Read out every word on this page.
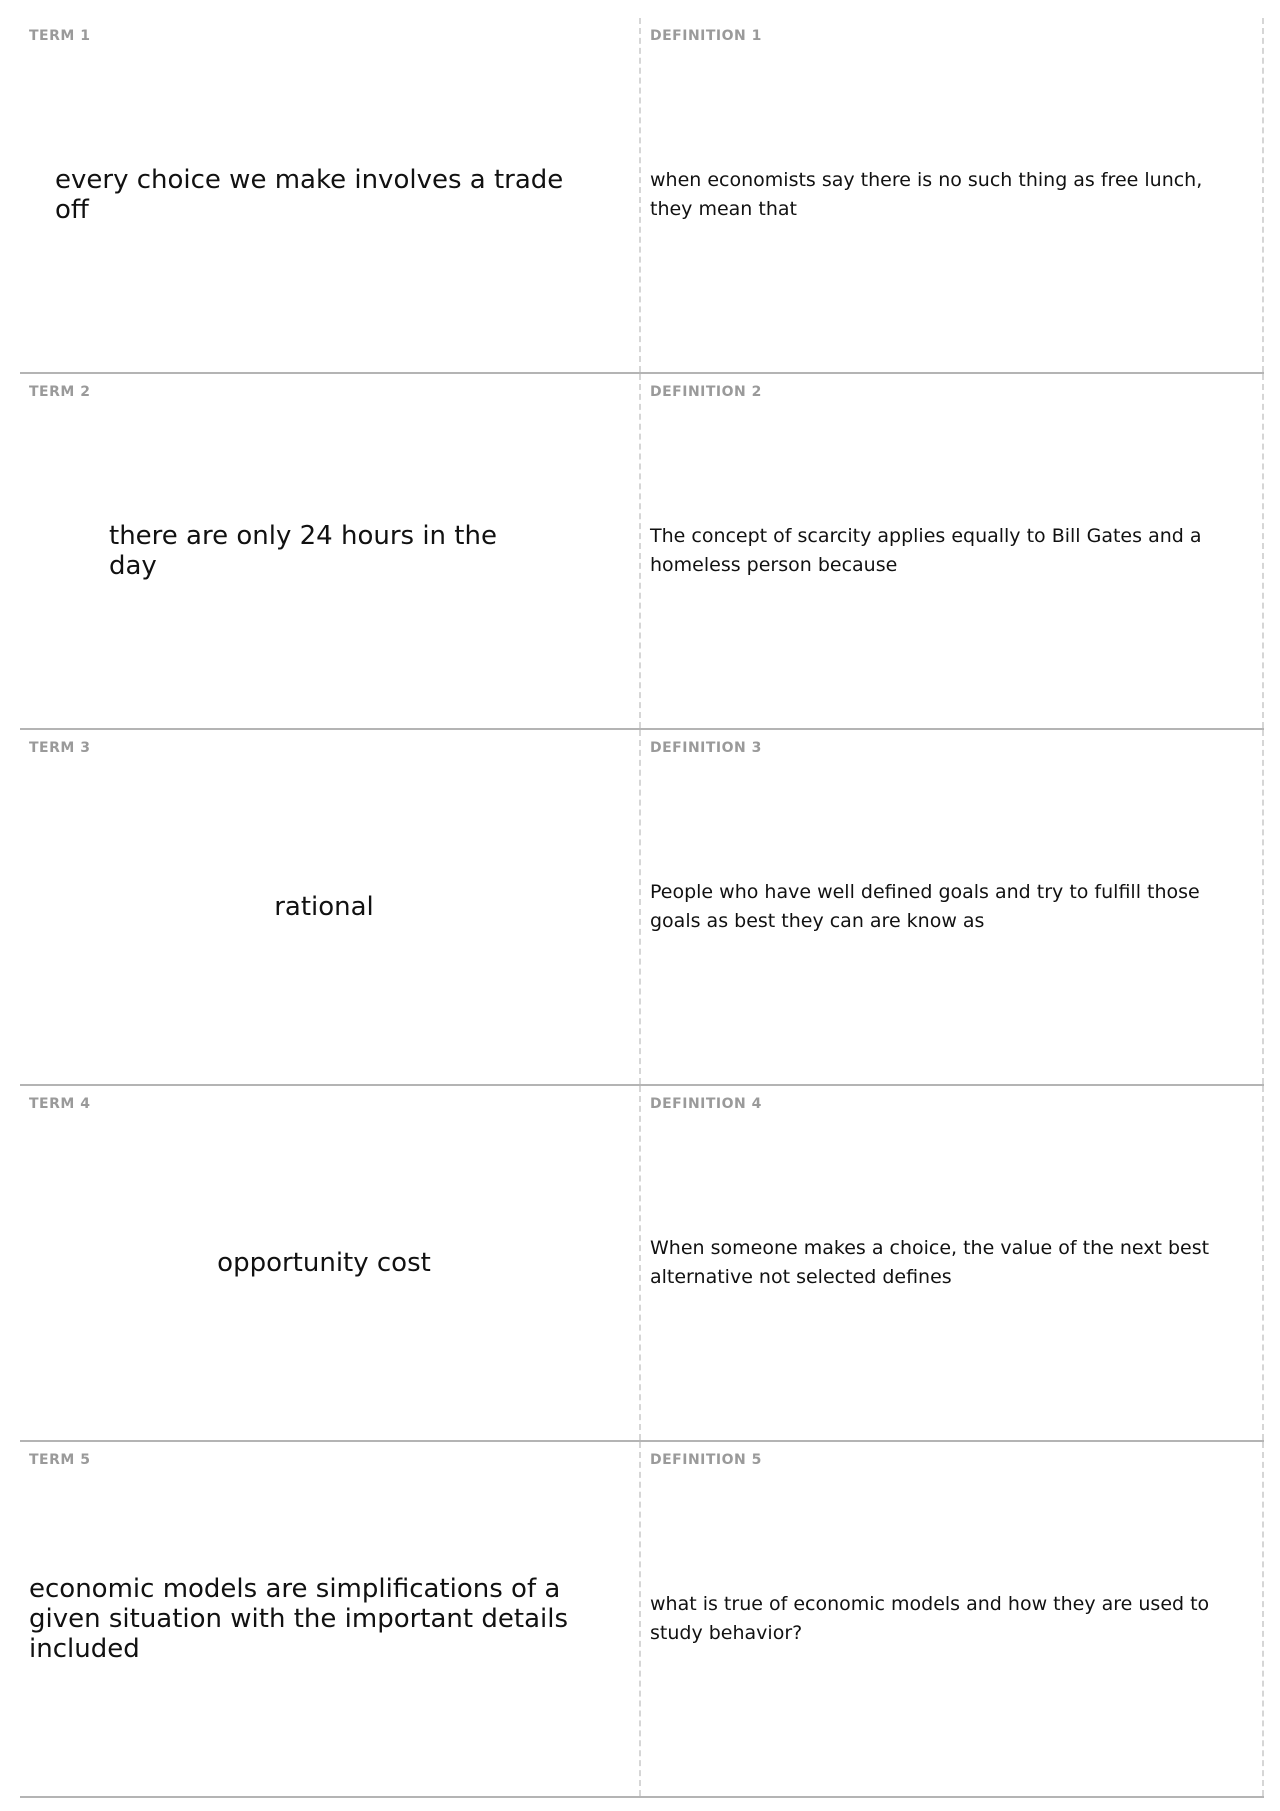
TERM 1
every choice we make involves a trade off
DEFINITION 1
when economists say there is no such thing as free lunch, they mean that
TERM 2
there are only 24 hours in the day
DEFINITION 2
The concept of scarcity applies equally to Bill Gates and a homeless person because
TERM 3
rational
DEFINITION 3
People who have well defined goals and try to fulfill those goals as best they can are know as
TERM 4
opportunity cost
DEFINITION 4
When someone makes a choice, the value of the next best alternative not selected defines
TERM 5
economic models are simplifications of a given situation with the important details included
DEFINITION 5
what is true of economic models and how they are used to study behavior?
